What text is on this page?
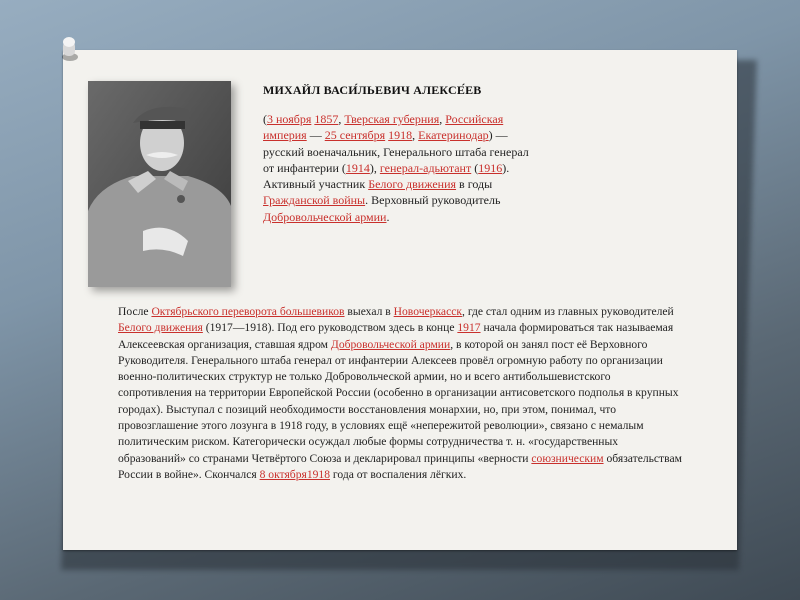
МИХАЙЛ ВАСИ́ЛЬЕВИЧ АЛЕКСЕ́ЕВ
(3 ноября 1857, Тверская губерния, Российская империя — 25 сентября 1918, Екатеринодар) — русский военачальник, Генерального штаба генерал от инфантерии (1914), генерал-адьютант (1916). Активный участник Белого движения в годы Гражданской войны. Верховный руководитель Добровольческой армии.
После Октябрьского переворота большевиков выехал в Новочеркасск, где стал одним из главных руководителей Белого движения (1917—1918). Под его руководством здесь в конце 1917 начала формироваться так называемая Алексеевская организация, ставшая ядром Добровольческой армии, в которой он занял пост её Верховного Руководителя. Генерального штаба генерал от инфантерии Алексеев провёл огромную работу по организации военно-политических структур не только Добровольческой армии, но и всего антибольшевистского сопротивления на территории Европейской России (особенно в организации антисоветского подполья в крупных городах). Выступал с позиций необходимости восстановления монархии, но, при этом, понимал, что провозглашение этого лозунга в 1918 году, в условиях ещё «непережитой революции», связано с немалым политическим риском. Категорически осуждал любые формы сотрудничества т. н. «государственных образований» со странами Четвёртого Союза и декларировал принципы «верности союзническим обязательствам России в войне». Скончался 8 октября1918 года от воспаления лёгких.
